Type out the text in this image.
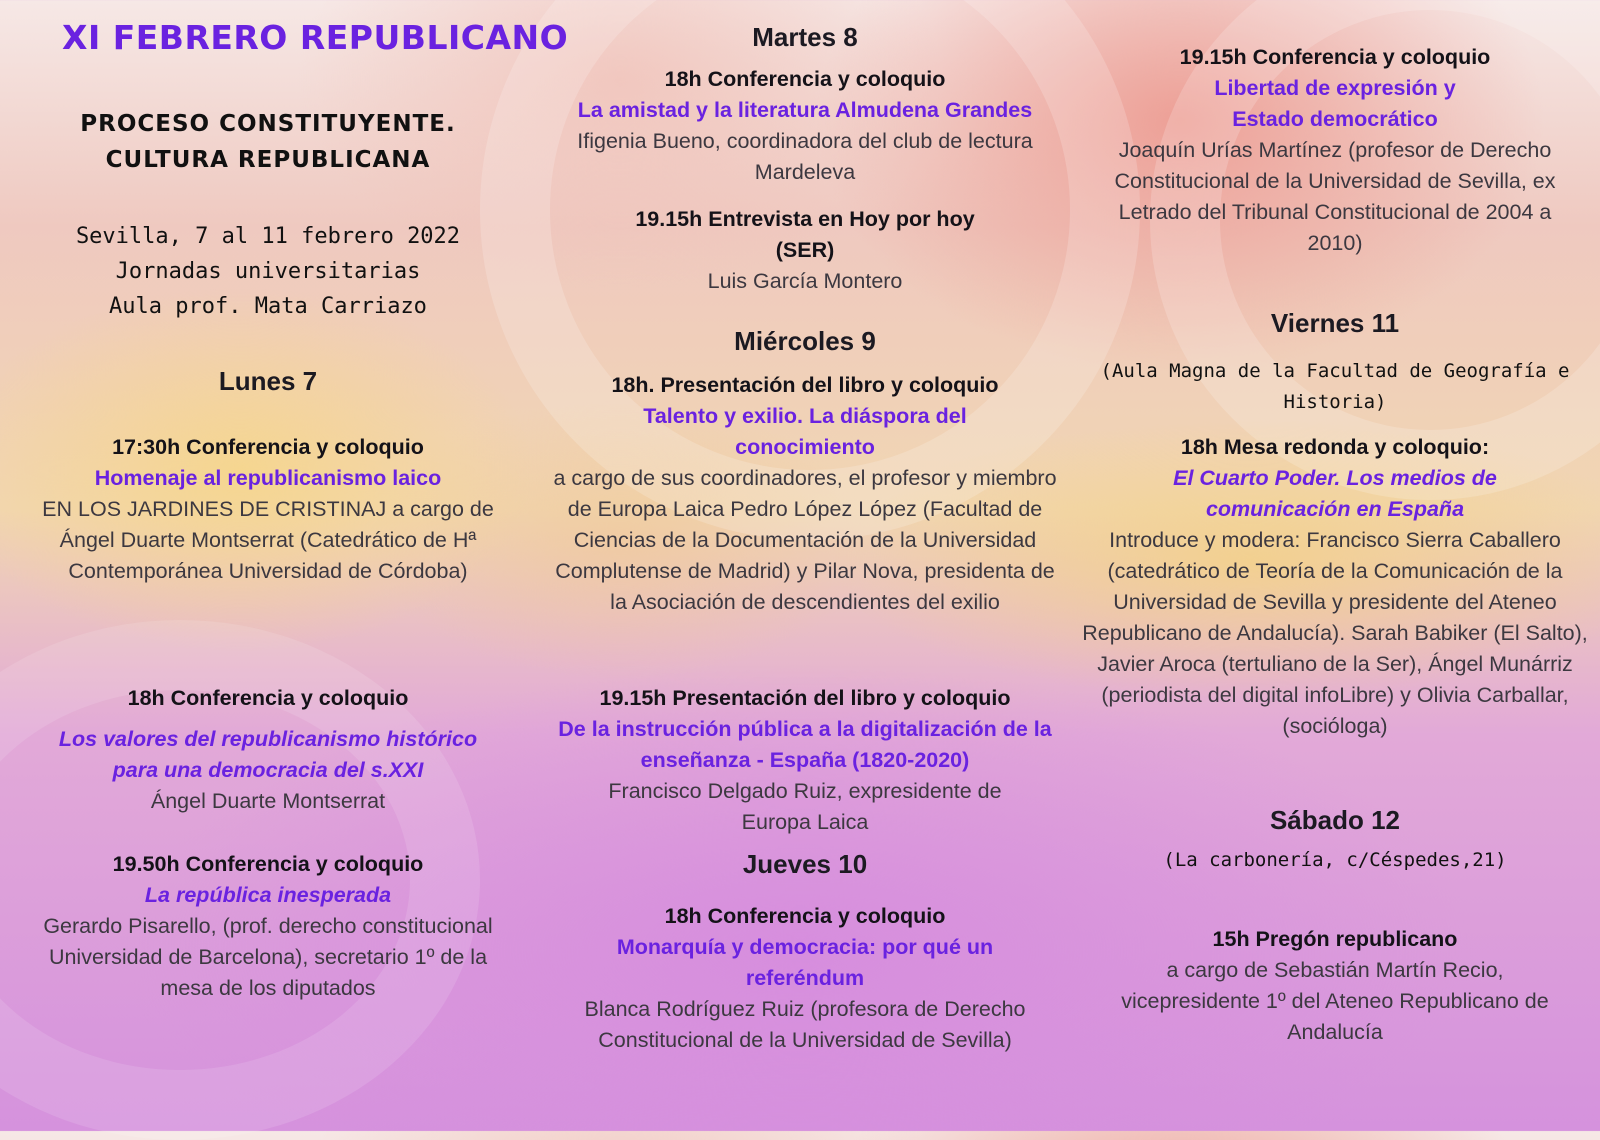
XI FEBRERO REPUBLICANO
PROCESO CONSTITUYENTE. CULTURA REPUBLICANA
Sevilla, 7 al 11 febrero 2022
Jornadas universitarias
Aula prof. Mata Carriazo
Lunes 7

17:30h Conferencia y coloquio

Homenaje al republicanismo laico

EN LOS JARDINES DE CRISTINAJ a cargo de Ángel Duarte Montserrat (Catedrático de Hª Contemporánea Universidad de Córdoba)

18h Conferencia y coloquio

Los valores del republicanismo histórico para una democracia del s.XXI

Ángel Duarte Montserrat

19.50h Conferencia y coloquio

La república inesperada

Gerardo Pisarello, (prof. derecho constitucional Universidad de Barcelona), secretario 1º de la mesa de los diputados

Martes 8

18h Conferencia y coloquio

La amistad y la literatura Almudena Grandes

Ifigenia Bueno, coordinadora del club de lectura Mardeleva

19.15h Entrevista en Hoy por hoy (SER)

Luis García Montero

Miércoles 9

18h. Presentación del libro y coloquio

Talento y exilio. La diáspora del conocimiento

a cargo de sus coordinadores, el profesor y miembro de Europa Laica Pedro López López (Facultad de Ciencias de la Documentación de la Universidad Complutense de Madrid) y Pilar Nova, presidenta de la Asociación de descendientes del exilio

19.15h Presentación del libro y coloquio

De la instrucción pública a la digitalización de la enseñanza - España (1820-2020)

Francisco Delgado Ruiz, expresidente de Europa Laica

Jueves 10

18h Conferencia y coloquio

Monarquía y democracia: por qué un referéndum

Blanca Rodríguez Ruiz (profesora de Derecho Constitucional de la Universidad de Sevilla)

19.15h Conferencia y coloquio

Libertad de expresión y Estado democrático

Joaquín Urías Martínez (profesor de Derecho Constitucional de la Universidad de Sevilla, ex Letrado del Tribunal Constitucional de 2004 a 2010)

Viernes 11

(Aula Magna de la Facultad de Geografía e Historia)

18h Mesa redonda y coloquio:

El Cuarto Poder. Los medios de comunicación en España

Introduce y modera: Francisco Sierra Caballero (catedrático de Teoría de la Comunicación de la Universidad de Sevilla y presidente del Ateneo Republicano de Andalucía). Sarah Babiker (El Salto), Javier Aroca (tertuliano de la Ser), Ángel Munárriz (periodista del digital infoLibre) y Olivia Carballar, (socióloga)

Sábado 12

(La carbonería, c/Céspedes,21)

15h Pregón republicano

a cargo de Sebastián Martín Recio, vicepresidente 1º del Ateneo Republicano de Andalucía
